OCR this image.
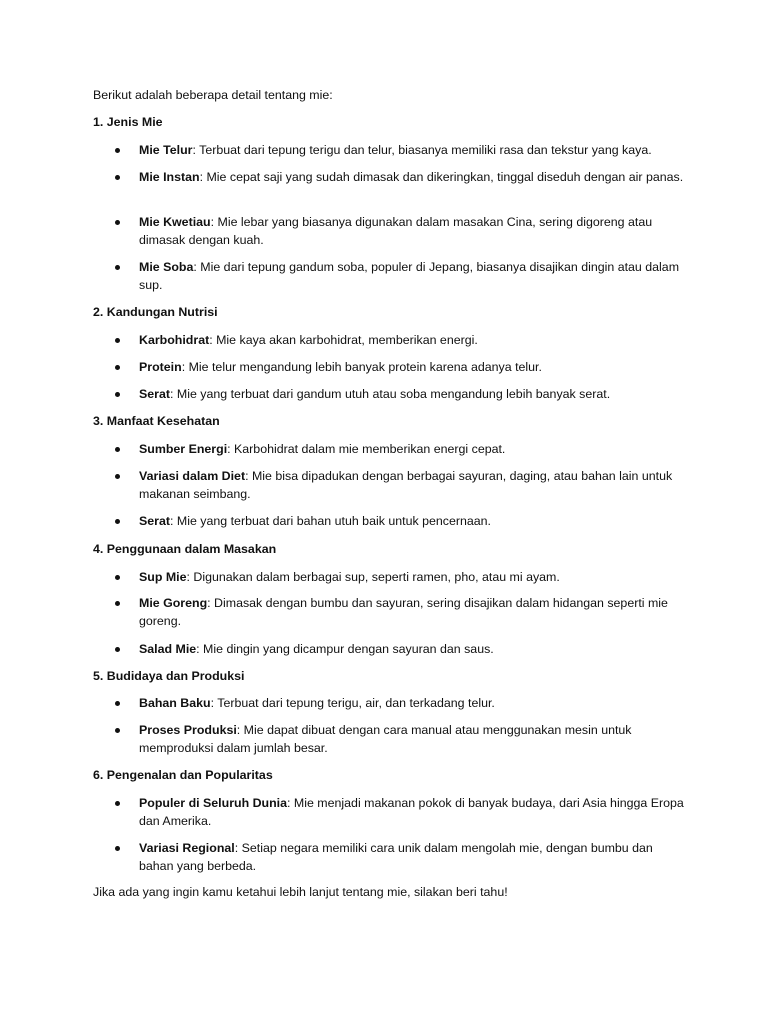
Berikut adalah beberapa detail tentang mie:
1. Jenis Mie
Mie Telur: Terbuat dari tepung terigu dan telur, biasanya memiliki rasa dan tekstur yang kaya.
Mie Instan: Mie cepat saji yang sudah dimasak dan dikeringkan, tinggal diseduh dengan air panas.
Mie Kwetiau: Mie lebar yang biasanya digunakan dalam masakan Cina, sering digoreng atau dimasak dengan kuah.
Mie Soba: Mie dari tepung gandum soba, populer di Jepang, biasanya disajikan dingin atau dalam sup.
2. Kandungan Nutrisi
Karbohidrat: Mie kaya akan karbohidrat, memberikan energi.
Protein: Mie telur mengandung lebih banyak protein karena adanya telur.
Serat: Mie yang terbuat dari gandum utuh atau soba mengandung lebih banyak serat.
3. Manfaat Kesehatan
Sumber Energi: Karbohidrat dalam mie memberikan energi cepat.
Variasi dalam Diet: Mie bisa dipadukan dengan berbagai sayuran, daging, atau bahan lain untuk makanan seimbang.
Serat: Mie yang terbuat dari bahan utuh baik untuk pencernaan.
4. Penggunaan dalam Masakan
Sup Mie: Digunakan dalam berbagai sup, seperti ramen, pho, atau mi ayam.
Mie Goreng: Dimasak dengan bumbu dan sayuran, sering disajikan dalam hidangan seperti mie goreng.
Salad Mie: Mie dingin yang dicampur dengan sayuran dan saus.
5. Budidaya dan Produksi
Bahan Baku: Terbuat dari tepung terigu, air, dan terkadang telur.
Proses Produksi: Mie dapat dibuat dengan cara manual atau menggunakan mesin untuk memproduksi dalam jumlah besar.
6. Pengenalan dan Popularitas
Populer di Seluruh Dunia: Mie menjadi makanan pokok di banyak budaya, dari Asia hingga Eropa dan Amerika.
Variasi Regional: Setiap negara memiliki cara unik dalam mengolah mie, dengan bumbu dan bahan yang berbeda.
Jika ada yang ingin kamu ketahui lebih lanjut tentang mie, silakan beri tahu!
